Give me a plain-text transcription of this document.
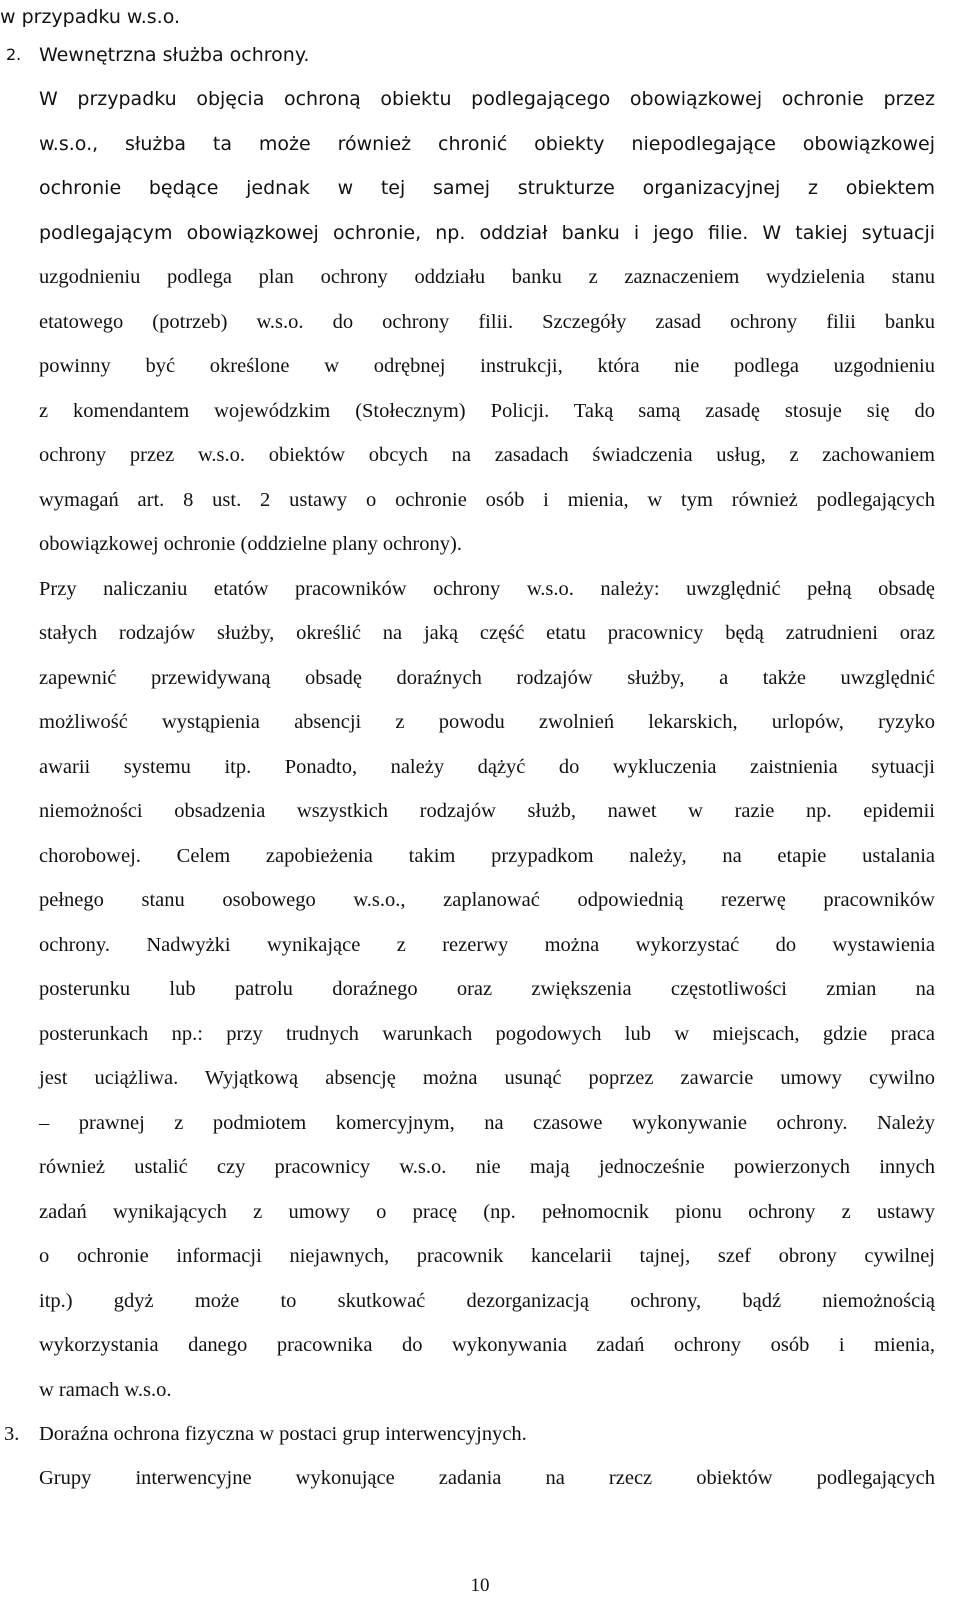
w przypadku w.s.o.
2. Wewnętrzna służba ochrony.
W przypadku objęcia ochroną obiektu podlegającego obowiązkowej ochronie przez
w.s.o., służba ta może również chronić obiekty niepodlegające obowiązkowej
ochronie będące jednak w tej samej strukturze organizacyjnej z obiektem
podlegającym obowiązkowej ochronie, np. oddział banku i jego filie. W takiej sytuacji
uzgodnieniu podlega plan ochrony oddziału banku z zaznaczeniem wydzielenia stanu
etatowego (potrzeb) w.s.o. do ochrony filii. Szczegóły zasad ochrony filii banku
powinny być określone w odrębnej instrukcji, która nie podlega uzgodnieniu
z komendantem wojewódzkim (Stołecznym) Policji. Taką samą zasadę stosuje się do
ochrony przez w.s.o. obiektów obcych na zasadach świadczenia usług, z zachowaniem
wymagań art. 8 ust. 2 ustawy o ochronie osób i mienia, w tym również podlegających
obowiązkowej ochronie (oddzielne plany ochrony).
Przy naliczaniu etatów pracowników ochrony w.s.o. należy: uwzględnić pełną obsadę
stałych rodzajów służby, określić na jaką część etatu pracownicy będą zatrudnieni oraz
zapewnić przewidywaną obsadę doraźnych rodzajów służby, a także uwzględnić
możliwość wystąpienia absencji z powodu zwolnień lekarskich, urlopów, ryzyko
awarii systemu itp. Ponadto, należy dążyć do wykluczenia zaistnienia sytuacji
niemożności obsadzenia wszystkich rodzajów służb, nawet w razie np. epidemii
chorobowej. Celem zapobieżenia takim przypadkom należy, na etapie ustalania
pełnego stanu osobowego w.s.o., zaplanować odpowiednią rezerwę pracowników
ochrony. Nadwyżki wynikające z rezerwy można wykorzystać do wystawienia
posterunku lub patrolu doraźnego oraz zwiększenia częstotliwości zmian na
posterunkach np.: przy trudnych warunkach pogodowych lub w miejscach, gdzie praca
jest uciążliwa. Wyjątkową absencję można usunąć poprzez zawarcie umowy cywilno
– prawnej z podmiotem komercyjnym, na czasowe wykonywanie ochrony. Należy
również ustalić czy pracownicy w.s.o. nie mają jednocześnie powierzonych innych
zadań wynikających z umowy o pracę (np. pełnomocnik pionu ochrony z ustawy
o ochronie informacji niejawnych, pracownik kancelarii tajnej, szef obrony cywilnej
itp.) gdyż może to skutkować dezorganizacją ochrony, bądź niemożnością
wykorzystania danego pracownika do wykonywania zadań ochrony osób i mienia,
w ramach w.s.o.
3. Doraźna ochrona fizyczna w postaci grup interwencyjnych.
Grupy interwencyjne wykonujące zadania na rzecz obiektów podlegających
10
